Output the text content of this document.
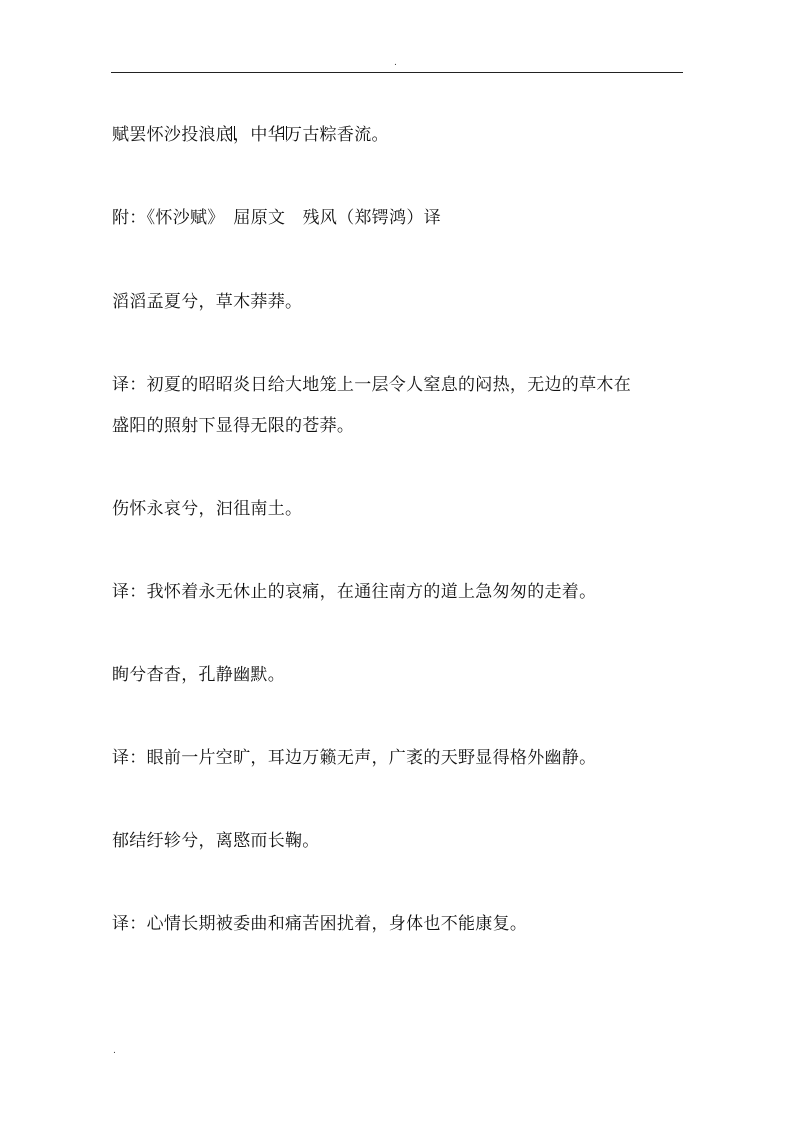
.
赋罢怀沙投浪底，中华万古粽香流。
附：《怀沙赋》　屈原文　残风（郑锷鸿）译
滔滔孟夏兮，草木莽莽。
译：初夏的昭昭炎日给大地笼上一层令人窒息的闷热，无边的草木在
盛阳的照射下显得无限的苍莽。
伤怀永哀兮，汩徂南土。
译：我怀着永无休止的哀痛，在通往南方的道上急匆匆的走着。
眴兮杳杳，孔静幽默。
译：眼前一片空旷，耳边万籁无声，广袤的天野显得格外幽静。
郁结纡轸兮，离愍而长鞠。
译：心情长期被委曲和痛苦困扰着，身体也不能康复。
.
